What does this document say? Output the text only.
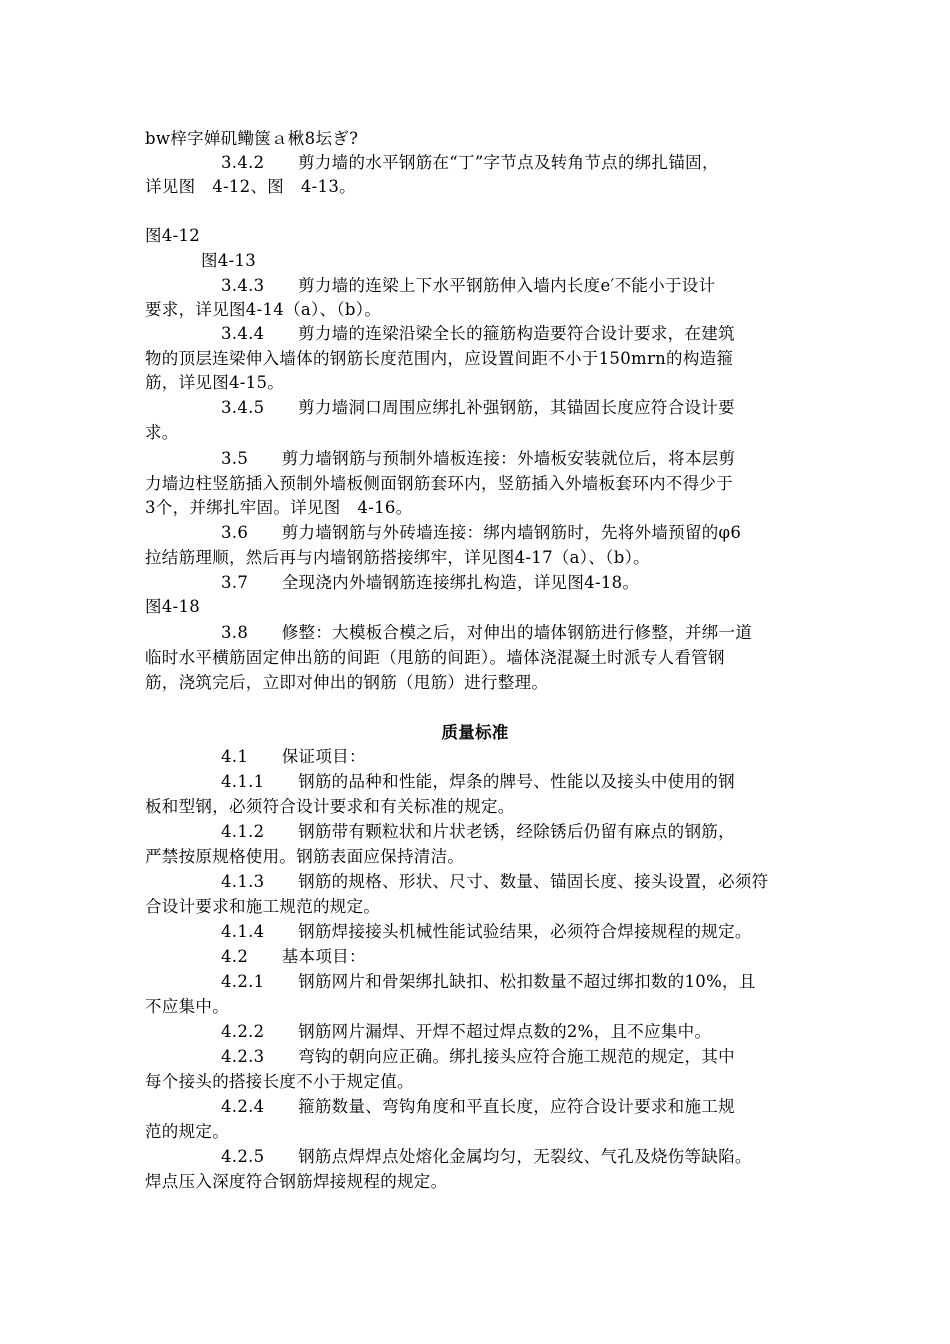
bw梓字婵矶鳓箧ａ楸8坛ぎ?
3.4.2　　剪力墙的水平钢筋在“丁”字节点及转角节点的绑扎锚固，
详见图　4-12、图　4-13。
图4-12
图4-13
3.4.3　　剪力墙的连梁上下水平钢筋伸入墙内长度e′不能小于设计
要求，详见图4-14（a）、（b）。
3.4.4　　剪力墙的连梁沿梁全长的箍筋构造要符合设计要求，在建筑
物的顶层连梁伸入墙体的钢筋长度范围内，应设置间距不小于150mrn的构造箍
筋，详见图4-15。
3.4.5　　剪力墙洞口周围应绑扎补强钢筋，其锚固长度应符合设计要
求。
3.5　　剪力墙钢筋与预制外墙板连接：外墙板安装就位后，将本层剪
力墙边柱竖筋插入预制外墙板侧面钢筋套环内，竖筋插入外墙板套环内不得少于
3个，并绑扎牢固。详见图　4-16。
3.6　　剪力墙钢筋与外砖墙连接：绑内墙钢筋时，先将外墙预留的φ6
拉结筋理顺，然后再与内墙钢筋搭接绑牢，详见图4-17（a）、（b）。
3.7　　全现浇内外墙钢筋连接绑扎构造，详见图4-18。
图4-18
3.8　　修整：大模板合模之后，对伸出的墙体钢筋进行修整，并绑一道
临时水平横筋固定伸出筋的间距（甩筋的间距）。墙体浇混凝土时派专人看管钢
筋，浇筑完后，立即对伸出的钢筋（甩筋）进行整理。
质量标准
4.1　　保证项目：
4.1.1　　钢筋的品种和性能，焊条的牌号、性能以及接头中使用的钢
板和型钢，必须符合设计要求和有关标准的规定。
4.1.2　　钢筋带有颗粒状和片状老锈，经除锈后仍留有麻点的钢筋，
严禁按原规格使用。钢筋表面应保持清洁。
4.1.3　　钢筋的规格、形状、尺寸、数量、锚固长度、接头设置，必须符
合设计要求和施工规范的规定。
4.1.4　　钢筋焊接接头机械性能试验结果，必须符合焊接规程的规定。
4.2　　基本项目：
4.2.1　　钢筋网片和骨架绑扎缺扣、松扣数量不超过绑扣数的10%，且
不应集中。
4.2.2　　钢筋网片漏焊、开焊不超过焊点数的2%，且不应集中。
4.2.3　　弯钩的朝向应正确。绑扎接头应符合施工规范的规定，其中
每个接头的搭接长度不小于规定值。
4.2.4　　箍筋数量、弯钩角度和平直长度，应符合设计要求和施工规
范的规定。
4.2.5　　钢筋点焊焊点处熔化金属均匀，无裂纹、气孔及烧伤等缺陷。
焊点压入深度符合钢筋焊接规程的规定。
